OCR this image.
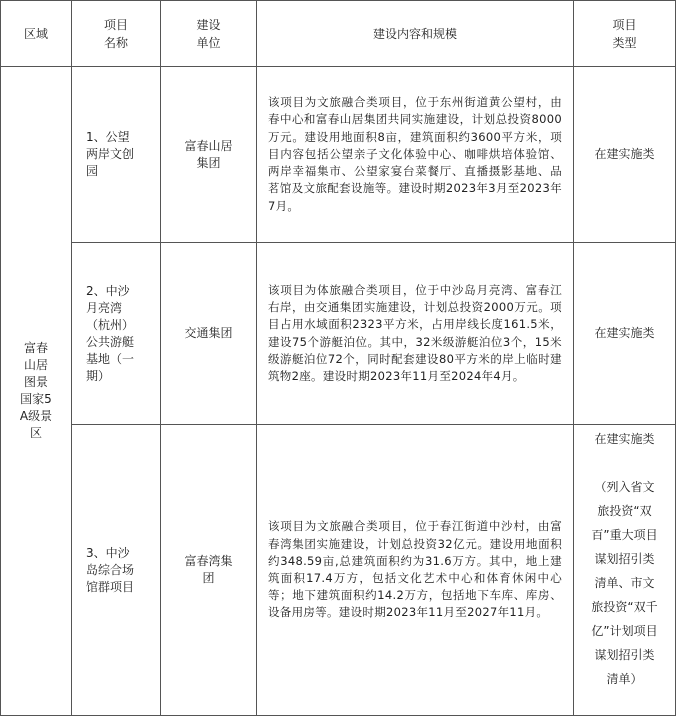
区域
项目
名称
建设
单位
建设内容和规模
项目
类型
富春
山居
图景
国家5
A级景
区
1、公望
两岸文创
园
富春山居
集团
该项目为文旅融合类项目，位于东州街道黄公望村，由春中心和富春山居集团共同实施建设，计划总投资8000万元。建设用地面积8亩，建筑面积约3600平方米，项目内容包括公望亲子文化体验中心、咖啡烘培体验馆、两岸幸福集市、公望家宴台菜餐厅、直播摄影基地、品茗馆及文旅配套设施等。建设时期2023年3月至2023年7月。
在建实施类
2、中沙
月亮湾
（杭州）
公共游艇
基地（一
期）
交通集团
该项目为体旅融合类项目，位于中沙岛月亮湾、富春江右岸，由交通集团实施建设，计划总投资2000万元。项目占用水域面积2323平方米，占用岸线长度161.5米，建设75个游艇泊位。其中，32米级游艇泊位3个，15米级游艇泊位72个，同时配套建设80平方米的岸上临时建筑物2座。建设时期2023年11月至2024年4月。
在建实施类
3、中沙
岛综合场
馆群项目
富春湾集
团
该项目为文旅融合类项目，位于春江街道中沙村，由富春湾集团实施建设，计划总投资32亿元。建设用地面积约348.59亩,总建筑面积约为31.6万方。其中，地上建筑面积17.4万方，包括文化艺术中心和体育休闲中心等；地下建筑面积约14.2万方，包括地下车库、库房、设备用房等。建设时期2023年11月至2027年11月。
在建实施类

（列入省文
旅投资“双
百”重大项目
谋划招引类
清单、市文
旅投资“双千
亿”计划项目
谋划招引类
清单）
